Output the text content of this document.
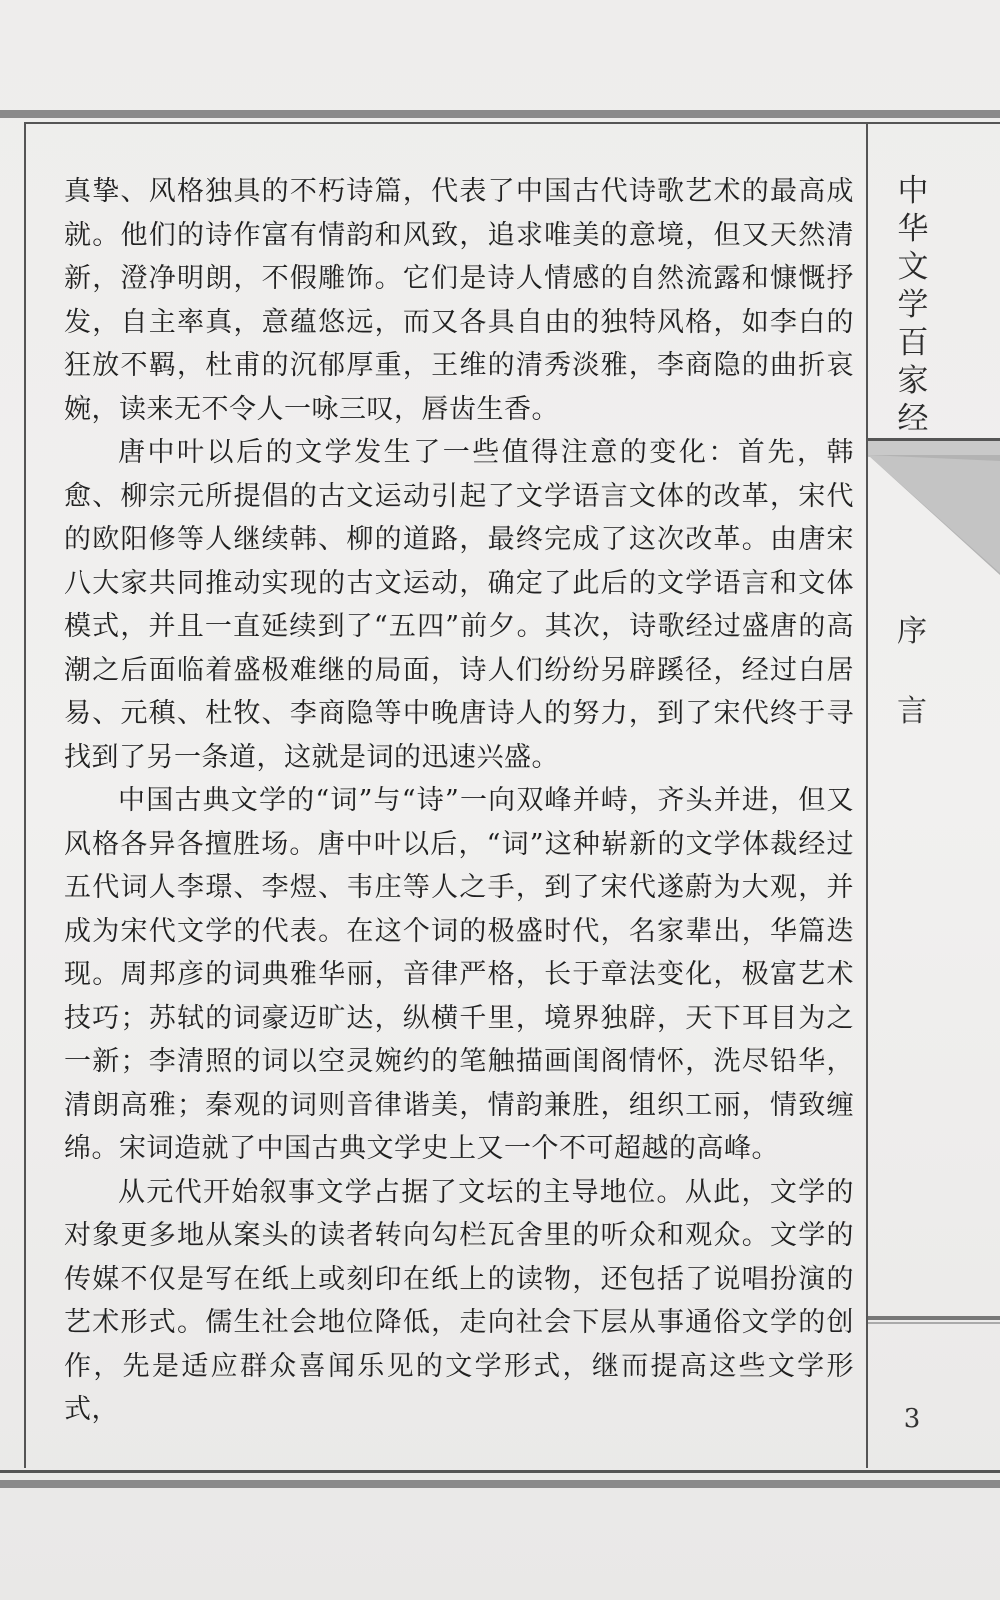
真挚、风格独具的不朽诗篇，代表了中国古代诗歌艺术的最高成就。他们的诗作富有情韵和风致，追求唯美的意境，但又天然清新，澄净明朗，不假雕饰。它们是诗人情感的自然流露和慷慨抒发，自主率真，意蕴悠远，而又各具自由的独特风格，如李白的狂放不羁，杜甫的沉郁厚重，王维的清秀淡雅，李商隐的曲折哀婉，读来无不令人一咏三叹，唇齿生香。

唐中叶以后的文学发生了一些值得注意的变化：首先，韩愈、柳宗元所提倡的古文运动引起了文学语言文体的改革，宋代的欧阳修等人继续韩、柳的道路，最终完成了这次改革。由唐宋八大家共同推动实现的古文运动，确定了此后的文学语言和文体模式，并且一直延续到了“五四”前夕。其次，诗歌经过盛唐的高潮之后面临着盛极难继的局面，诗人们纷纷另辟蹊径，经过白居易、元稹、杜牧、李商隐等中晚唐诗人的努力，到了宋代终于寻找到了另一条道，这就是词的迅速兴盛。

中国古典文学的“词”与“诗”一向双峰并峙，齐头并进，但又风格各异各擅胜场。唐中叶以后，“词”这种崭新的文学体裁经过五代词人李璟、李煜、韦庄等人之手，到了宋代遂蔚为大观，并成为宋代文学的代表。在这个词的极盛时代，名家辈出，华篇迭现。周邦彦的词典雅华丽，音律严格，长于章法变化，极富艺术技巧；苏轼的词豪迈旷达，纵横千里，境界独辟，天下耳目为之一新；李清照的词以空灵婉约的笔触描画闺阁情怀，洗尽铅华，清朗高雅；秦观的词则音律谐美，情韵兼胜，组织工丽，情致缠绵。宋词造就了中国古典文学史上又一个不可超越的高峰。

从元代开始叙事文学占据了文坛的主导地位。从此，文学的对象更多地从案头的读者转向勾栏瓦舍里的听众和观众。文学的传媒不仅是写在纸上或刻印在纸上的读物，还包括了说唱扮演的艺术形式。儒生社会地位降低，走向社会下层从事通俗文学的创作，先是适应群众喜闻乐见的文学形式，继而提高这些文学形式，

中华文学百家经
序
言
3
